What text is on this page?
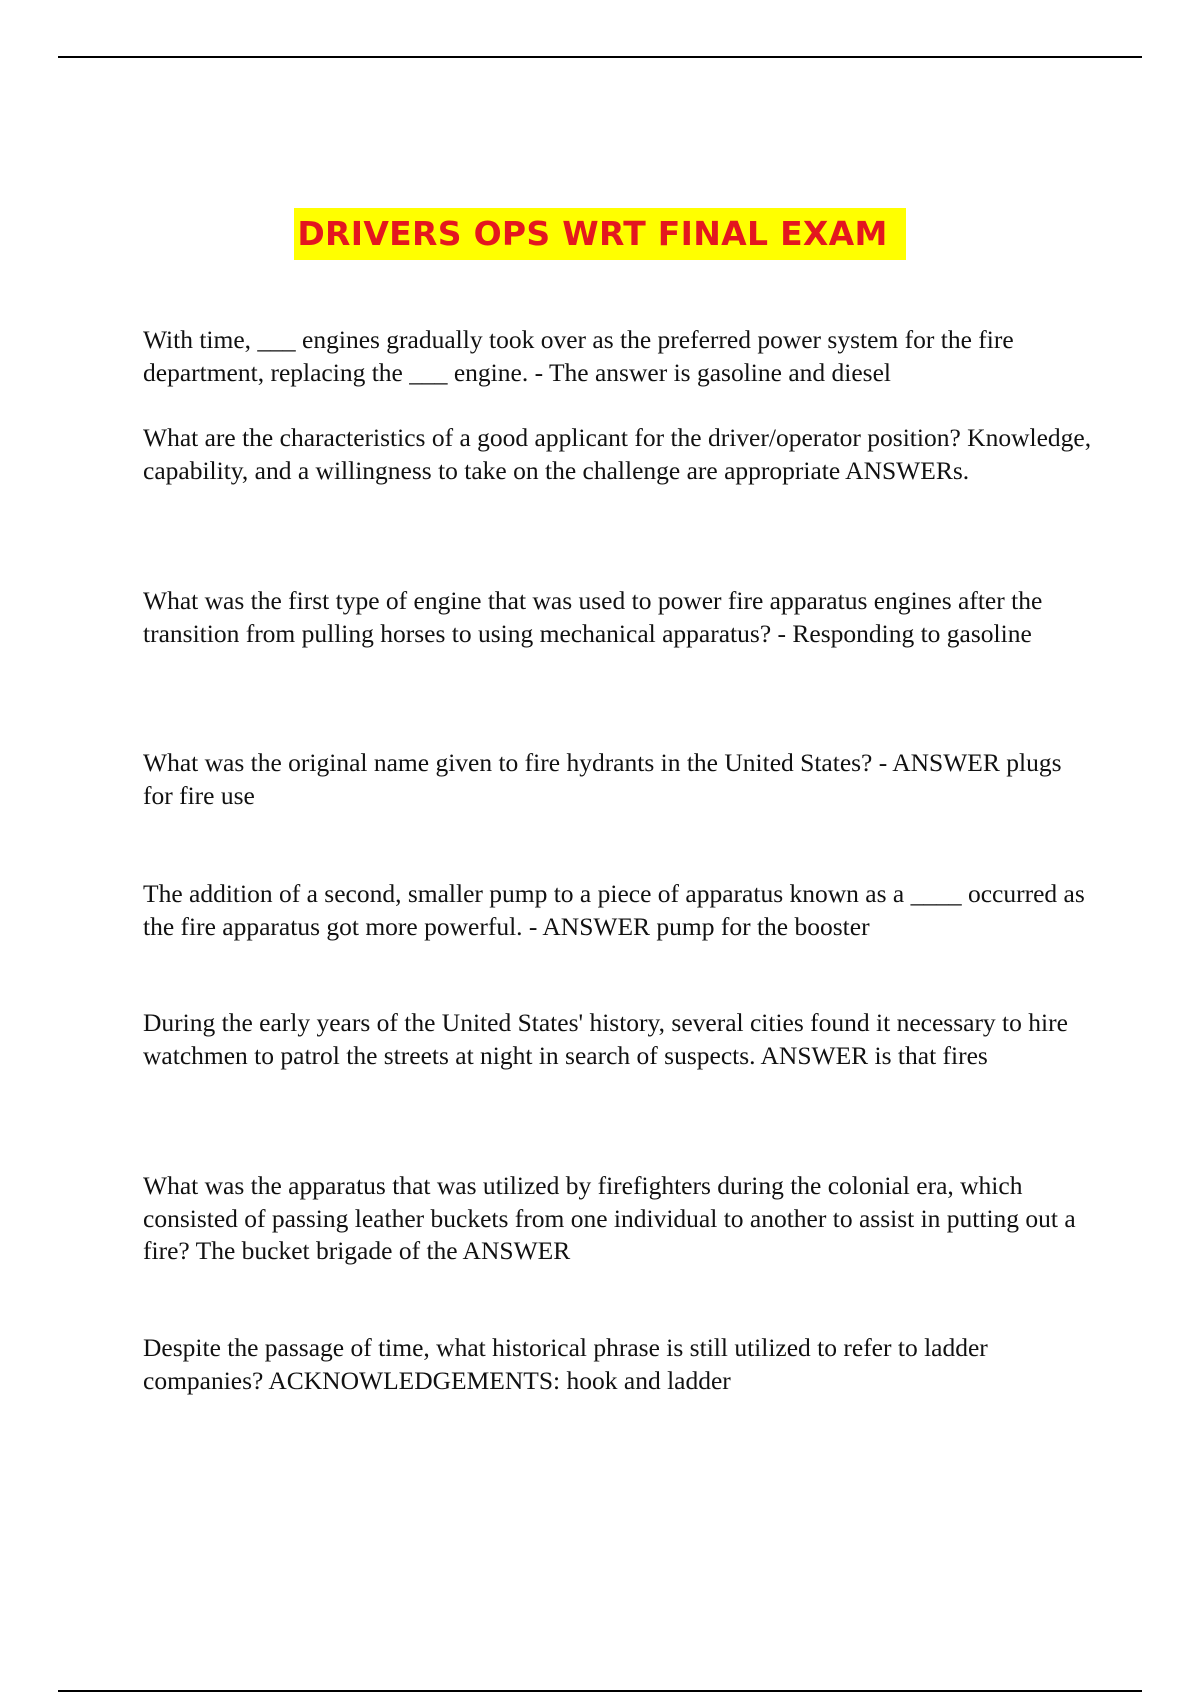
DRIVERS OPS WRT FINAL EXAM

With time, ___ engines gradually took over as the preferred power system for the fire department, replacing the ___ engine. - The answer is gasoline and diesel

What are the characteristics of a good applicant for the driver/operator position? Knowledge, capability, and a willingness to take on the challenge are appropriate ANSWERs.

What was the first type of engine that was used to power fire apparatus engines after the transition from pulling horses to using mechanical apparatus? - Responding to gasoline

What was the original name given to fire hydrants in the United States? - ANSWER plugs for fire use

The addition of a second, smaller pump to a piece of apparatus known as a ____ occurred as the fire apparatus got more powerful. - ANSWER pump for the booster

During the early years of the United States' history, several cities found it necessary to hire watchmen to patrol the streets at night in search of suspects. ANSWER is that fires

What was the apparatus that was utilized by firefighters during the colonial era, which consisted of passing leather buckets from one individual to another to assist in putting out a fire? The bucket brigade of the ANSWER

Despite the passage of time, what historical phrase is still utilized to refer to ladder companies? ACKNOWLEDGEMENTS: hook and ladder
